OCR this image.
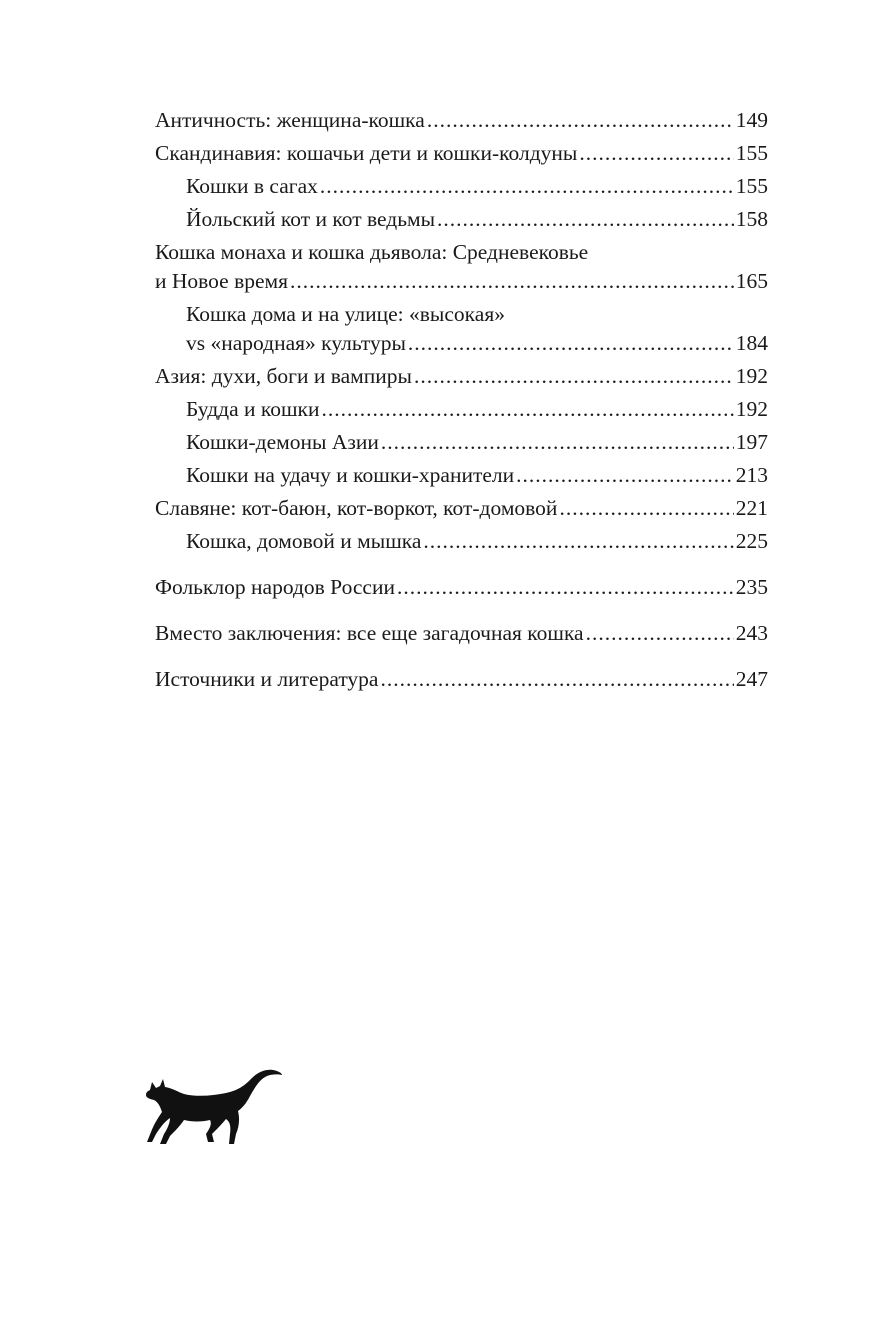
Античность: женщина-кошка .....	149
Скандинавия: кошачьи дети и кошки-колдуны .....	155
Кошки в сагах .....	155
Йольский кот и кот ведьмы .....	158
Кошка монаха и кошка дьявола: Средневековье
и Новое время .....	165
Кошка дома и на улице: «высокая»
vs «народная» культуры .....	184
Азия: духи, боги и вампиры .....	192
Будда и кошки .....	192
Кошки-демоны Азии .....	197
Кошки на удачу и кошки-хранители .....	213
Славяне: кот-баюн, кот-воркот, кот-домовой .....	221
Кошка, домовой и мышка .....	225
Фольклор народов России .....	235
Вместо заключения: все еще загадочная кошка .....	243
Источники и литература .....	247
